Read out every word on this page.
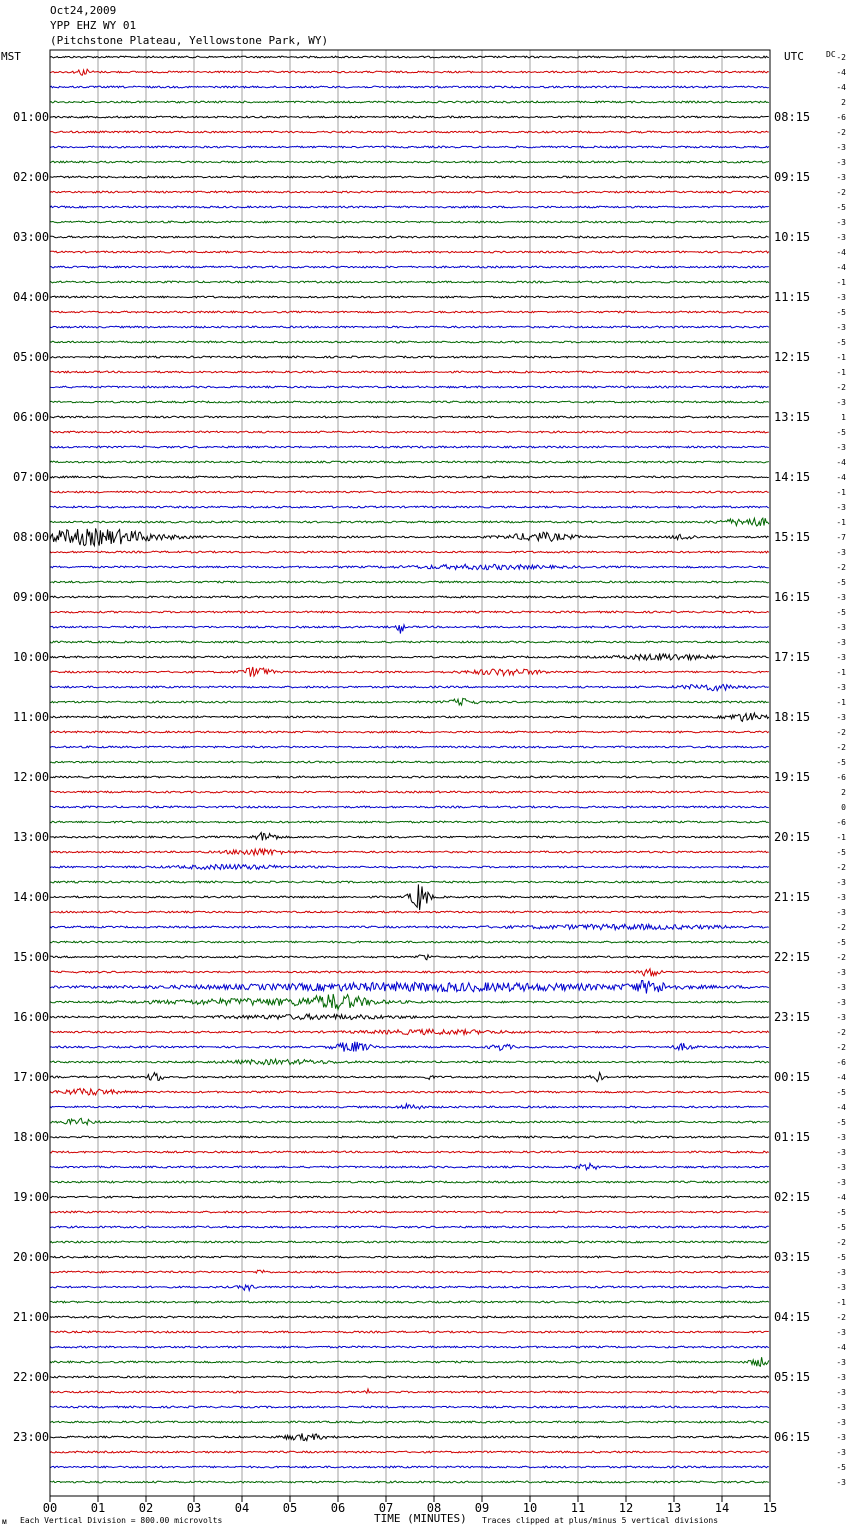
01:00
02:00
03:00
04:00
05:00
06:00
07:00
08:00
09:00
10:00
11:00
12:00
13:00
14:00
15:00
16:00
17:00
18:00
19:00
20:00
21:00
22:00
23:00
08:15
09:15
10:15
11:15
12:15
13:15
14:15
15:15
16:15
17:15
18:15
19:15
20:15
21:15
22:15
23:15
00:15
01:15
02:15
03:15
04:15
05:15
06:15
-2
-4
-4
2
-6
-2
-3
-3
-3
-2
-5
-3
-3
-4
-4
-1
-3
-5
-3
-5
-1
-1
-2
-3
1
-5
-3
-4
-4
-1
-3
-1
-7
-3
-2
-5
-3
-5
-3
-3
-3
-1
-3
-1
-3
-2
-2
-5
-6
2
0
-6
-1
-5
-2
-3
-3
-3
-2
-5
-2
-3
-3
-3
-3
-2
-2
-6
-4
-5
-4
-5
-3
-3
-3
-3
-4
-5
-5
-2
-5
-3
-3
-1
-2
-3
-4
-3
-3
-3
-3
-3
-3
-3
-5
-3
00	01	02	03	04	05	06	07	08	09	10	11	12	13	14	15
MST	UTC	DC
Each Vertical Division = 800.00 microvolts	TIME (MINUTES) Traces clipped at plus/minus 5 vertical divisions
ᴍ
Oct24,2009
YPP EHZ WY 01
(Pitchstone Plateau, Yellowstone Park, WY)
